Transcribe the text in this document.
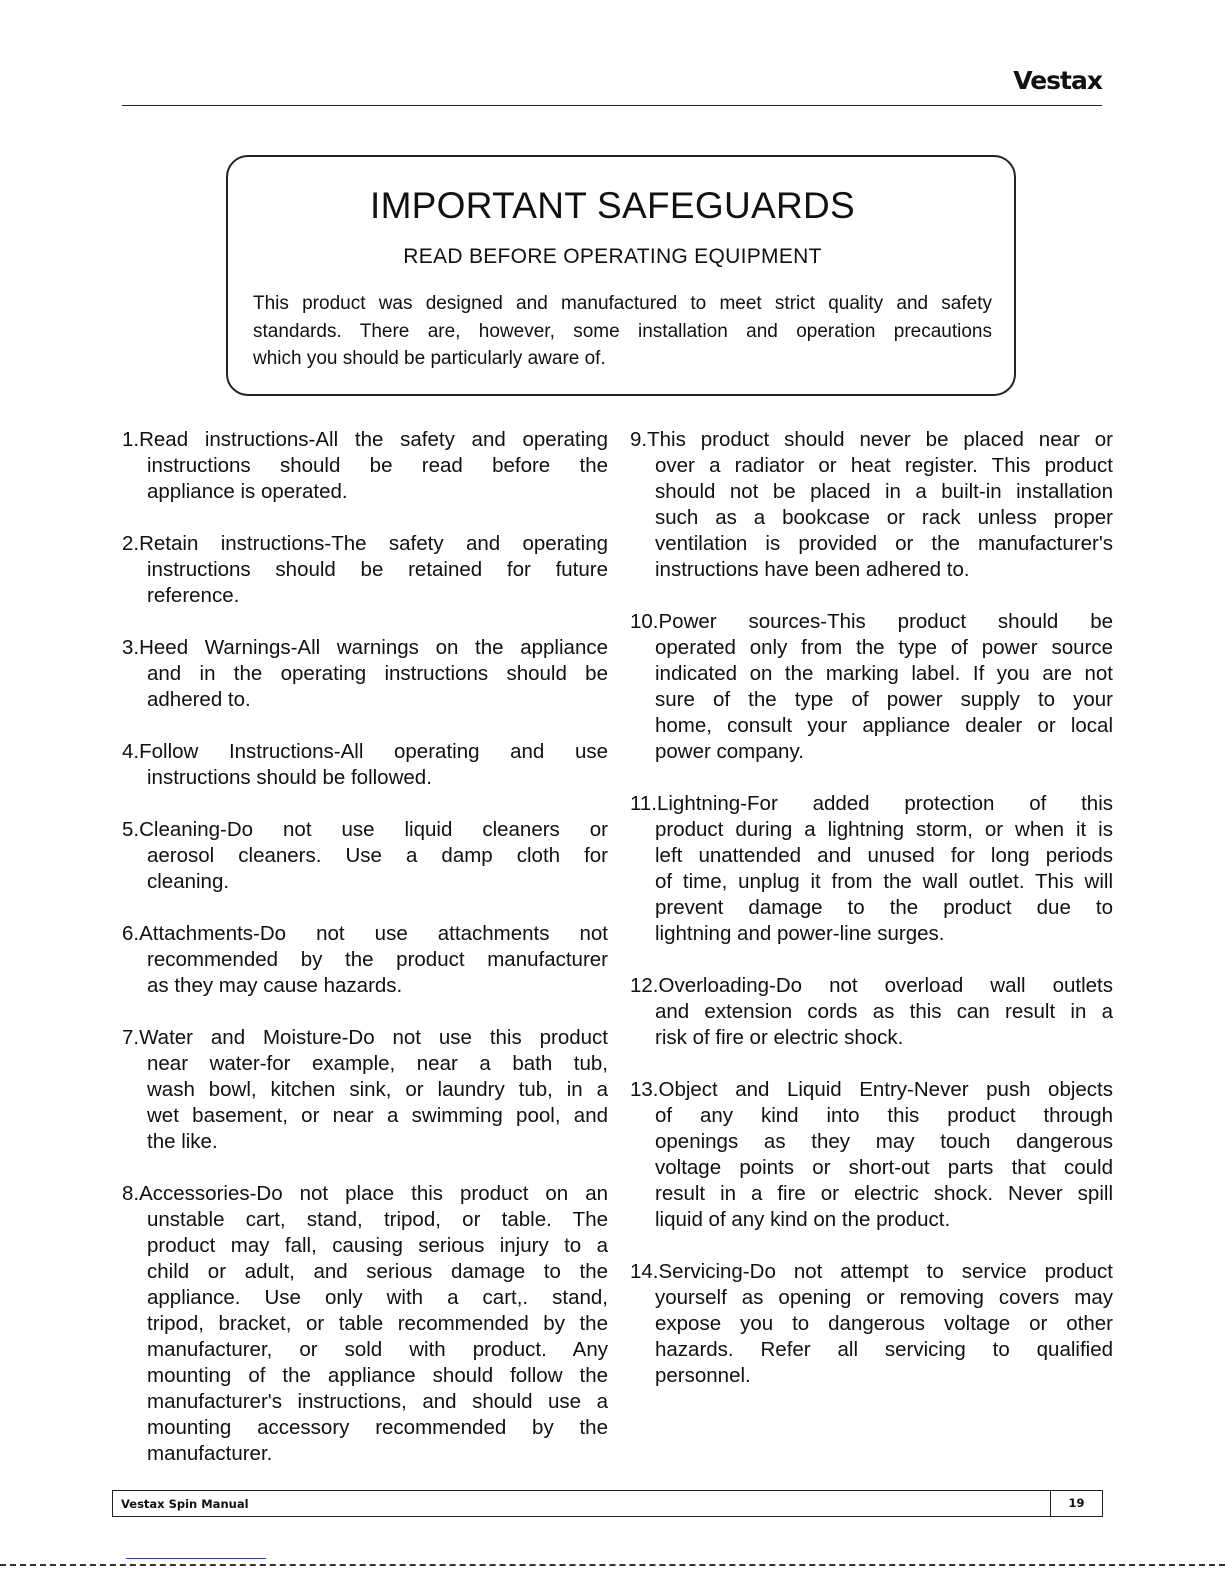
Vestax
IMPORTANT SAFEGUARDS
READ BEFORE OPERATING EQUIPMENT
This product was designed and manufactured to meet strict quality and safety
standards. There are, however, some installation and operation precautions
which you should be particularly aware of.
1.Read instructions-All the safety and operating
instructions should be read before the
appliance is operated.
2.Retain instructions-The safety and operating
instructions should be retained for future
reference.
3.Heed Warnings-All warnings on the appliance
and in the operating instructions should be
adhered to.
4.Follow Instructions-All operating and use
instructions should be followed.
5.Cleaning-Do not use liquid cleaners or
aerosol cleaners. Use a damp cloth for
cleaning.
6.Attachments-Do not use attachments not
recommended by the product manufacturer
as they may cause hazards.
7.Water and Moisture-Do not use this product
near water-for example, near a bath tub,
wash bowl, kitchen sink, or laundry tub, in a
wet basement, or near a swimming pool, and
the like.
8.Accessories-Do not place this product on an
unstable cart, stand, tripod, or table. The
product may fall, causing serious injury to a
child or adult, and serious damage to the
appliance. Use only with a cart,. stand,
tripod, bracket, or table recommended by the
manufacturer, or sold with product. Any
mounting of the appliance should follow the
manufacturer's instructions, and should use a
mounting accessory recommended by the
manufacturer.
9.This product should never be placed near or
over a radiator or heat register. This product
should not be placed in a built-in installation
such as a bookcase or rack unless proper
ventilation is provided or the manufacturer's
instructions have been adhered to.
10.Power sources-This product should be
operated only from the type of power source
indicated on the marking label. If you are not
sure of the type of power supply to your
home, consult your appliance dealer or local
power company.
11.Lightning-For added protection of this
product during a lightning storm, or when it is
left unattended and unused for long periods
of time, unplug it from the wall outlet. This will
prevent damage to the product due to
lightning and power-line surges.
12.Overloading-Do not overload wall outlets
and extension cords as this can result in a
risk of fire or electric shock.
13.Object and Liquid Entry-Never push objects
of any kind into this product through
openings as they may touch dangerous
voltage points or short-out parts that could
result in a fire or electric shock. Never spill
liquid of any kind on the product.
14.Servicing-Do not attempt to service product
yourself as opening or removing covers may
expose you to dangerous voltage or other
hazards. Refer all servicing to qualified
personnel.
Vestax Spin Manual	19
